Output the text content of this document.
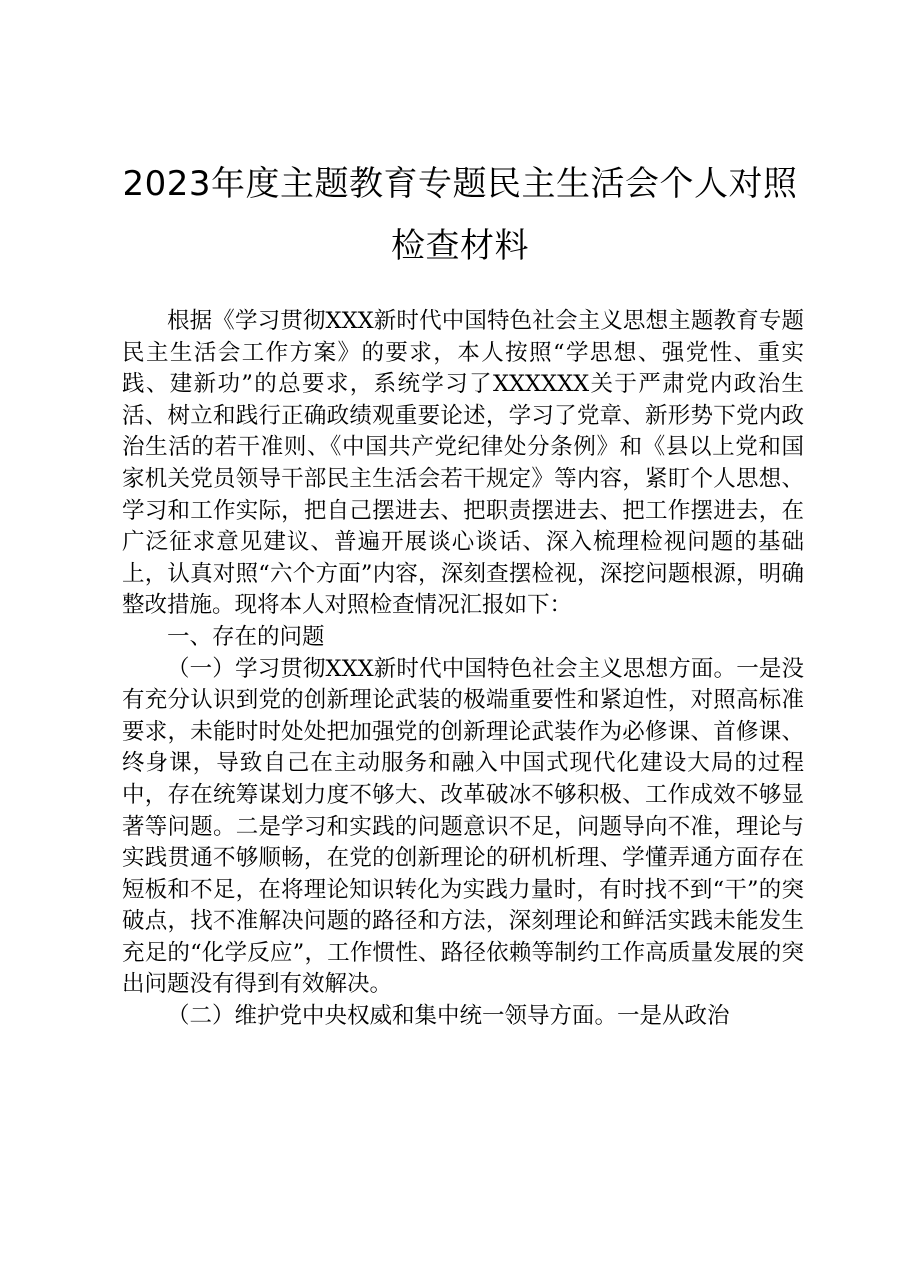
2023年度主题教育专题民主生活会个人对照
检查材料

根据《学习贯彻XXX新时代中国特色社会主义思想主题教育专题民主生活会工作方案》的要求，本人按照“学思想、强党性、重实践、建新功”的总要求，系统学习了XXXXXX关于严肃党内政治生活、树立和践行正确政绩观重要论述，学习了党章、新形势下党内政治生活的若干准则、《中国共产党纪律处分条例》和《县以上党和国家机关党员领导干部民主生活会若干规定》等内容，紧盯个人思想、学习和工作实际，把自己摆进去、把职责摆进去、把工作摆进去，在广泛征求意见建议、普遍开展谈心谈话、深入梳理检视问题的基础上，认真对照“六个方面”内容，深刻查摆检视，深挖问题根源，明确整改措施。现将本人对照检查情况汇报如下：

一、存在的问题

（一）学习贯彻XXX新时代中国特色社会主义思想方面。一是没有充分认识到党的创新理论武装的极端重要性和紧迫性，对照高标准要求，未能时时处处把加强党的创新理论武装作为必修课、首修课、终身课，导致自己在主动服务和融入中国式现代化建设大局的过程中，存在统筹谋划力度不够大、改革破冰不够积极、工作成效不够显著等问题。二是学习和实践的问题意识不足，问题导向不准，理论与实践贯通不够顺畅，在党的创新理论的研机析理、学懂弄通方面存在短板和不足，在将理论知识转化为实践力量时，有时找不到“干”的突破点，找不准解决问题的路径和方法，深刻理论和鲜活实践未能发生充足的“化学反应”，工作惯性、路径依赖等制约工作高质量发展的突出问题没有得到有效解决。

（二）维护党中央权威和集中统一领导方面。一是从政治
